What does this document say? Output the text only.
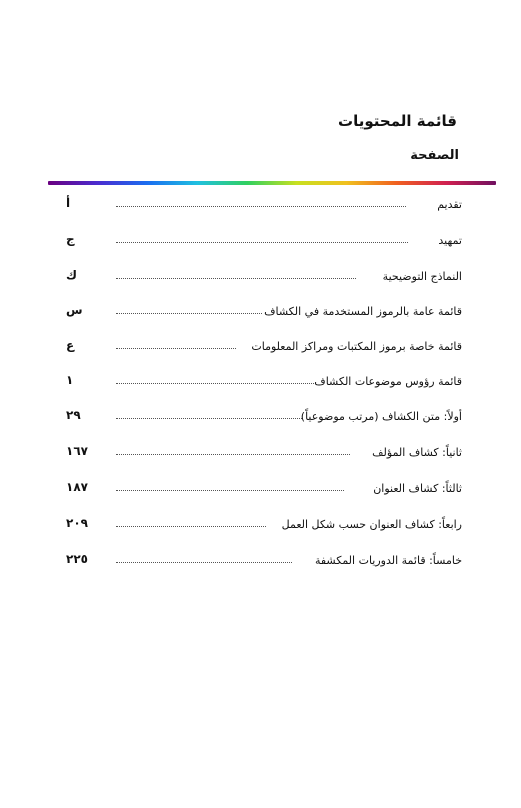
قائمة المحتويات
الصفحة
تقديم
أ
تمهيد
ج
النماذج التوضيحية
ك
قائمة عامة بالرموز المستخدمة في الكشاف
س
قائمة خاصة برموز المكتبات ومراكز المعلومات
ع
قائمة رؤوس موضوعات الكشاف
١
أولاً: متن الكشاف (مرتب موضوعياً)
٢٩
ثانياً: كشاف المؤلف
١٦٧
ثالثاً: كشاف العنوان
١٨٧
رابعاً: كشاف العنوان حسب شكل العمل
٢٠٩
خامساً: قائمة الدوريات المكشفة
٢٢٥
